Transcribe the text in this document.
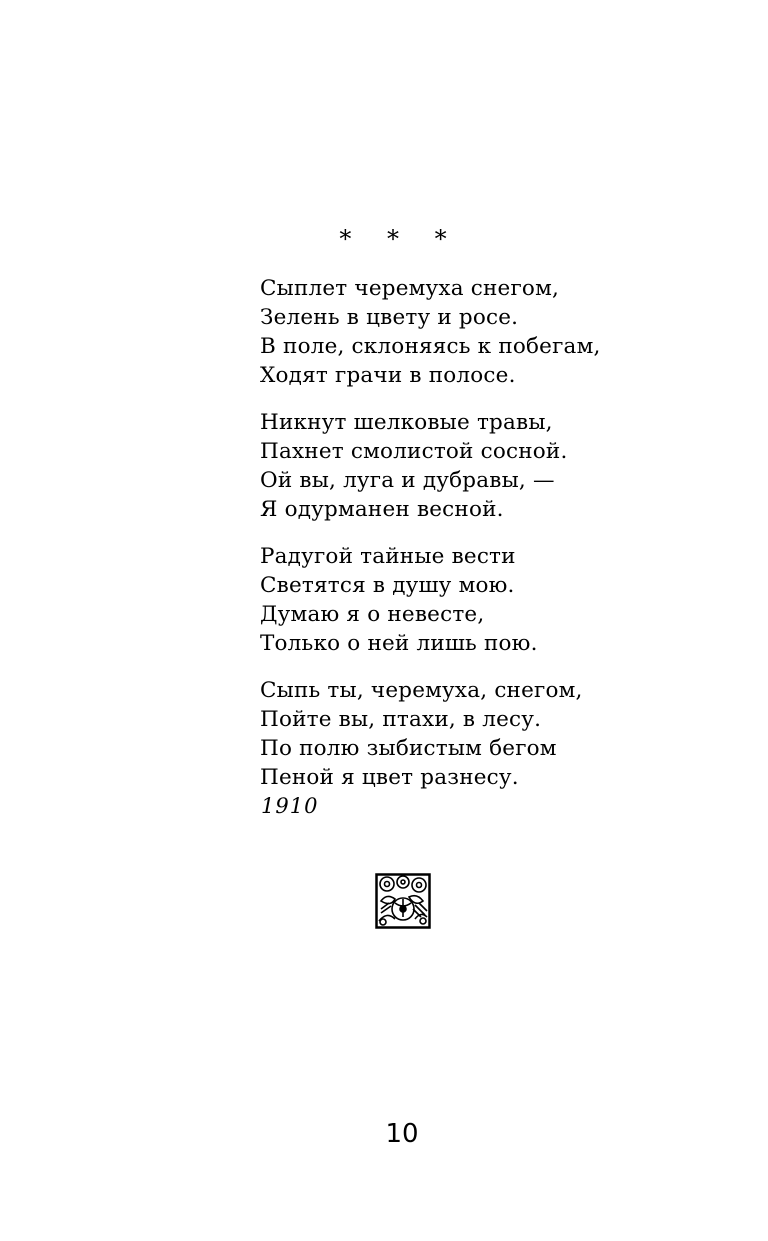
* * *
Сыплет черемуха снегом,
Зелень в цвету и росе.
В поле, склоняясь к побегам,
Ходят грачи в полосе.
Никнут шелковые травы,
Пахнет смолистой сосной.
Ой вы, луга и дубравы, —
Я одурманен весной.
Радугой тайные вести
Светятся в душу мою.
Думаю я о невесте,
Только о ней лишь пою.
Сыпь ты, черемуха, снегом,
Пойте вы, птахи, в лесу.
По полю зыбистым бегом
Пеной я цвет разнесу.
1910
10
